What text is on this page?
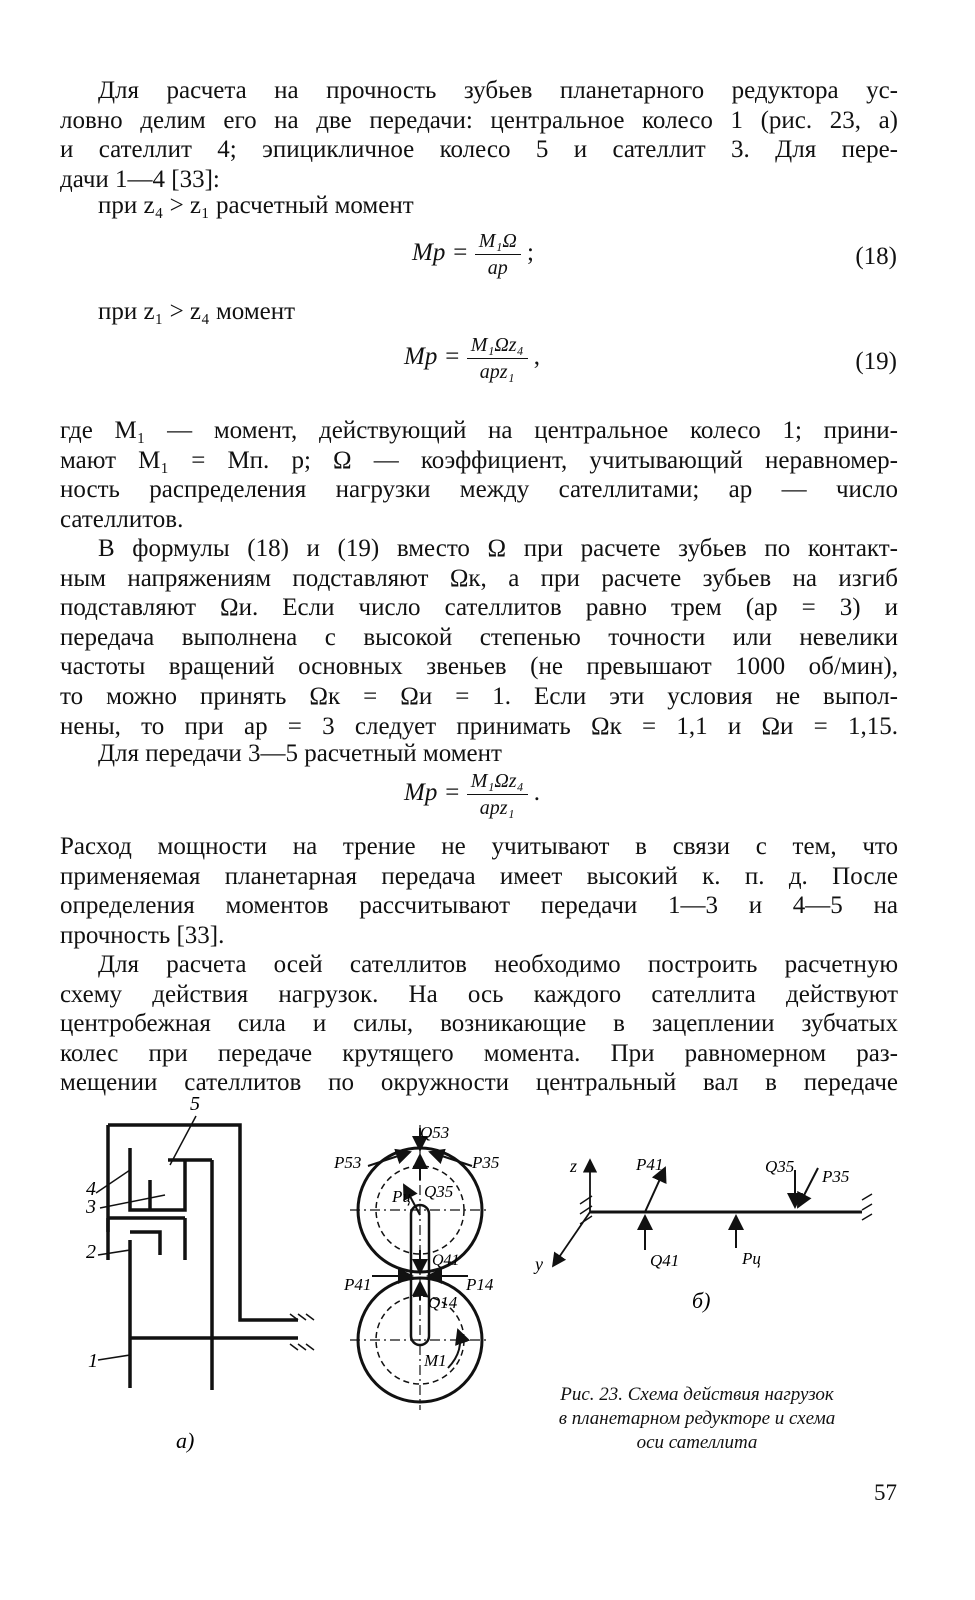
Для расчета на прочность зубьев планетарного редуктора ус-
ловно делим его на две передачи: центральное колесо 1 (рис. 23, а)
и сателлит 4; эпицикличное колесо 5 и сателлит 3. Для пере-
дачи 1—4 [33]:
при z₄ > z₁ расчетный момент
Mр = $\frac{\text{M₁Ω}}{aр}$ ;	(18)
при z₁ > z₄ момент
Mр = $\frac{\text{M₁Ωz₄}}{\text{aрz₁}}$ ,	(19)
где M₁ — момент, действующий на центральное колесо 1; прини-
мают M₁ = Mп. р; Ω — коэффициент, учитывающий неравномер-
ность распределения нагрузки между сателлитами; aр — число
сателлитов.
В формулы (18) и (19) вместо Ω при расчете зубьев по контакт-
ным напряжениям подставляют Ωк, а при расчете зубьев на изгиб
подставляют Ωи. Если число сателлитов равно трем (aр = 3) и
передача выполнена с высокой степенью точности или невелики
частоты вращений основных звеньев (не превышают 1000 об/мин),
то можно принять Ωк = Ωи = 1. Если эти условия не выпол-
нены, то при aр = 3 следует принимать Ωк = 1,1 и Ωи = 1,15.
Для передачи 3—5 расчетный момент
Mр = $\frac{\text{M₁Ωz₄}}{\text{aрz₁}}$ .
Расход мощности на трение не учитывают в связи с тем, что
применяемая планетарная передача имеет высокий к. п. д. После
определения моментов рассчитывают передачи 1—3 и 4—5 на
прочность [33].
Для расчета осей сателлитов необходимо построить расчетную
схему действия нагрузок. На ось каждого сателлита действуют
центробежная сила и силы, возникающие в зацеплении зубчатых
колес при передаче крутящего момента. При равномерном раз-
мещении сателлитов по окружности центральный вал в передаче
5
4
3
2
1
а)
Q53
P53	P35
Q35
Pц
Q41
P41	P14
Q14
M1
z
y
P41
Q41	Pц
Q35
P35
б)
Рис. 23. Схема действия нагрузок
в планетарном редукторе и схема
оси сателлита
57
